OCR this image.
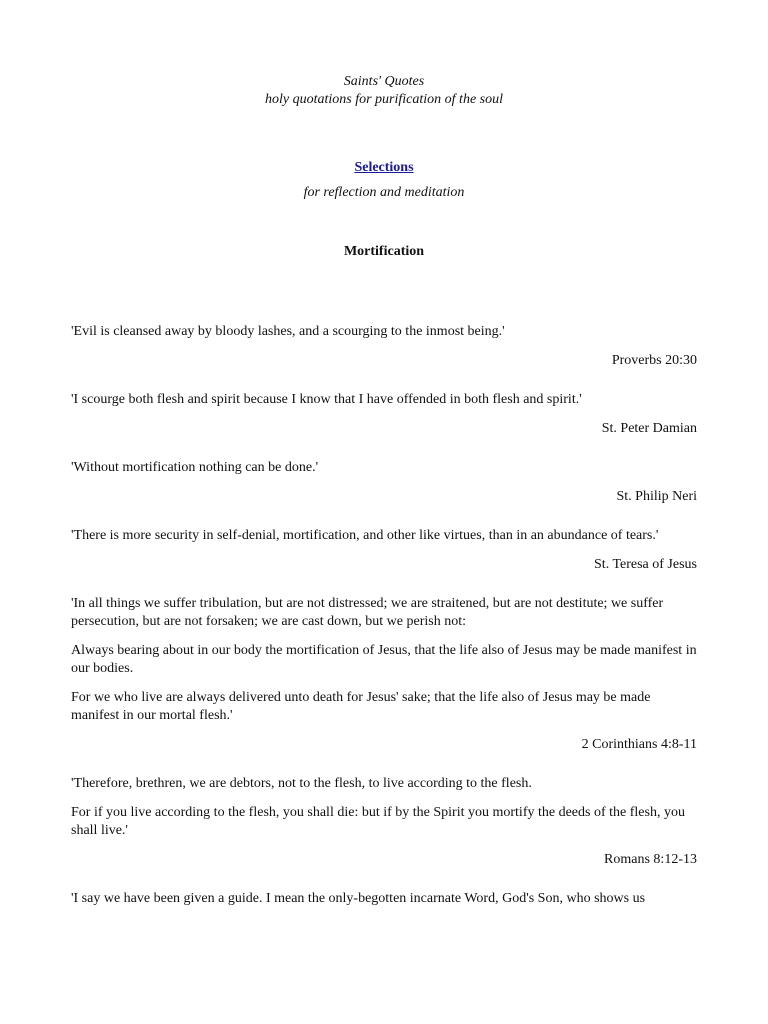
Saints' Quotes
holy quotations for purification of the soul
Selections
for reflection and meditation
Mortification

'Evil is cleansed away by bloody lashes, and a scourging to the inmost being.'

Proverbs 20:30

'I scourge both flesh and spirit because I know that I have offended in both flesh and spirit.'

St. Peter Damian

'Without mortification nothing can be done.'

St. Philip Neri

'There is more security in self-denial, mortification, and other like virtues, than in an abundance of tears.'

St. Teresa of Jesus

'In all things we suffer tribulation, but are not distressed; we are straitened, but are not destitute; we suffer persecution, but are not forsaken; we are cast down, but we perish not:

Always bearing about in our body the mortification of Jesus, that the life also of Jesus may be made manifest in our bodies.

For we who live are always delivered unto death for Jesus' sake; that the life also of Jesus may be made manifest in our mortal flesh.'

2 Corinthians 4:8-11

'Therefore, brethren, we are debtors, not to the flesh, to live according to the flesh.

For if you live according to the flesh, you shall die: but if by the Spirit you mortify the deeds of the flesh, you shall live.'

Romans 8:12-13

'I say we have been given a guide. I mean the only-begotten incarnate Word, God's Son, who shows us
